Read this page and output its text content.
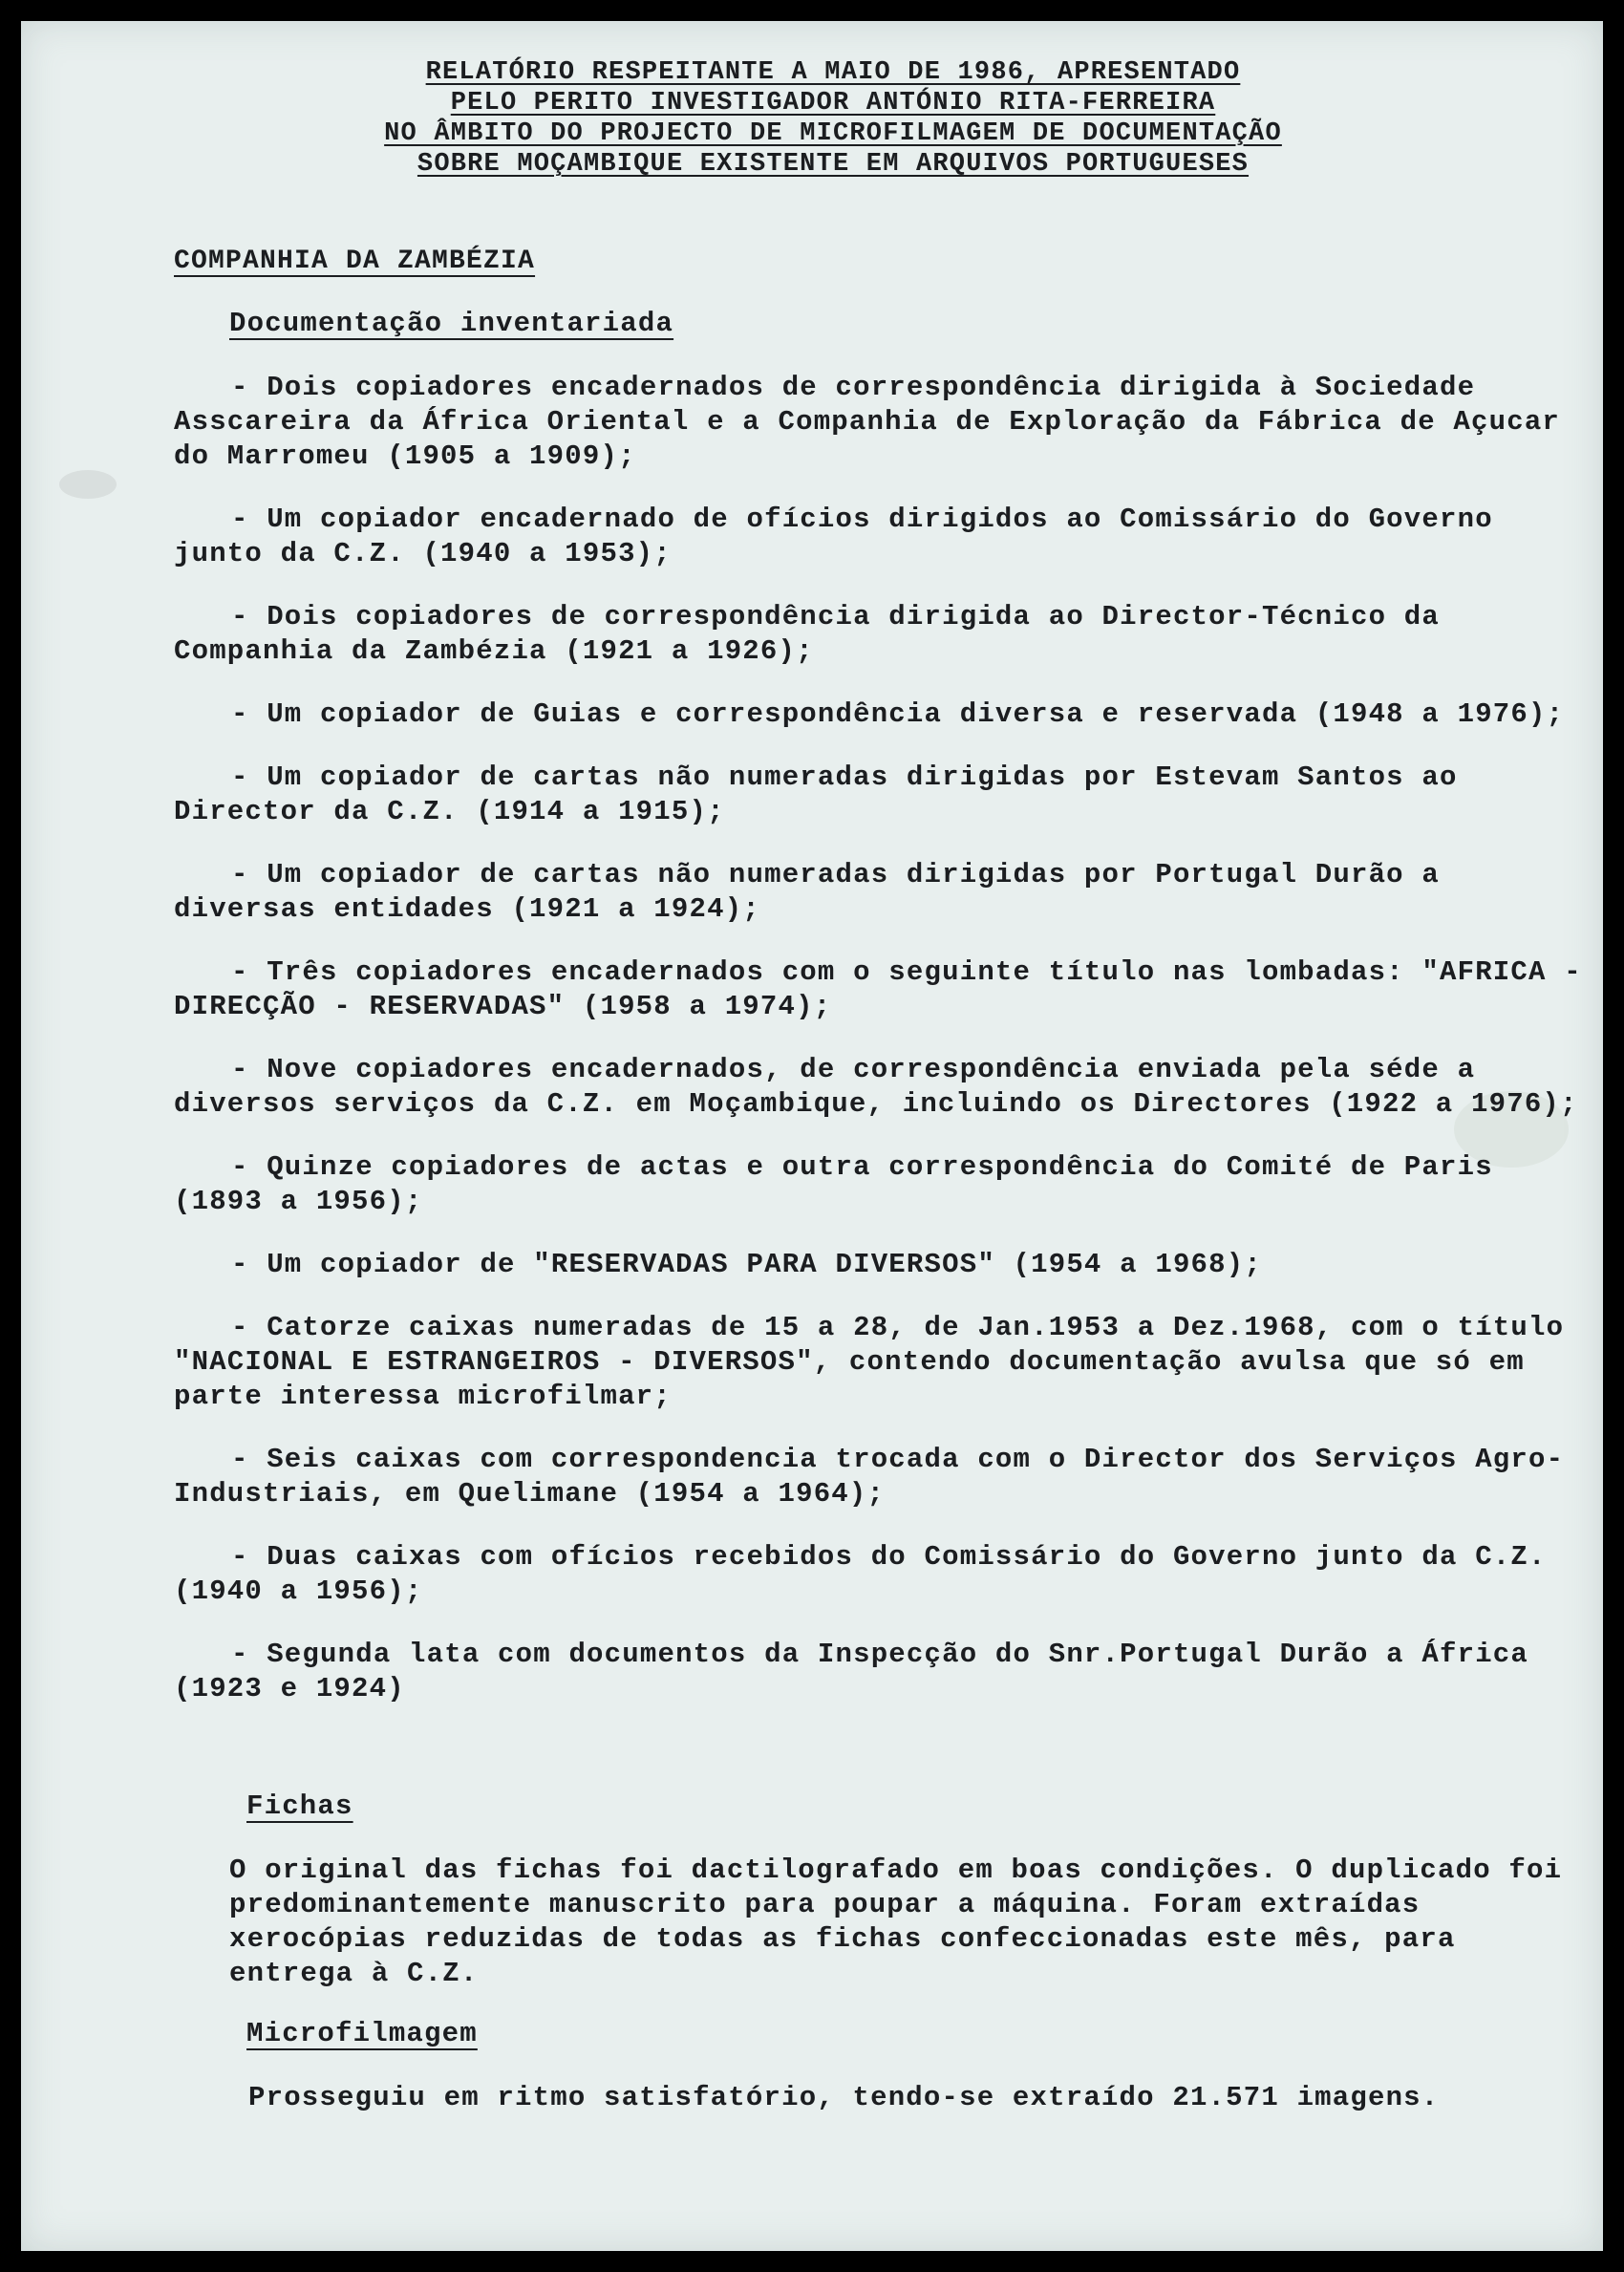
RELATÓRIO RESPEITANTE A MAIO DE 1986, APRESENTADO
PELO PERITO INVESTIGADOR ANTÓNIO RITA-FERREIRA
NO ÂMBITO DO PROJECTO DE MICROFILMAGEM DE DOCUMENTAÇÃO
SOBRE MOÇAMBIQUE EXISTENTE EM ARQUIVOS PORTUGUESES
COMPANHIA DA ZAMBÉZIA
Documentação inventariada
- Dois copiadores encadernados de correspondência dirigida à Sociedade Asscareira da África Oriental e a Companhia de Exploração da Fábrica de Açucar do Marromeu (1905 a 1909);
- Um copiador encadernado de ofícios dirigidos ao Comissário do Governo junto da C.Z. (1940 a 1953);
- Dois copiadores de correspondência dirigida ao Director-Técnico da Companhia da Zambézia (1921 a 1926);
- Um copiador de Guias e correspondência diversa e reservada (1948 a 1976);
- Um copiador de cartas não numeradas dirigidas por Estevam Santos ao Director da C.Z. (1914 a 1915);
- Um copiador de cartas não numeradas dirigidas por Portugal Durão a diversas entidades (1921 a 1924);
- Três copiadores encadernados com o seguinte título nas lombadas: "AFRICA - DIRECÇÃO - RESERVADAS" (1958 a 1974);
- Nove copiadores encadernados, de correspondência enviada pela séde a diversos serviços da C.Z. em Moçambique, incluindo os Directores (1922 a 1976);
- Quinze copiadores de actas e outra correspondência do Comité de Paris (1893 a 1956);
- Um copiador de "RESERVADAS PARA DIVERSOS" (1954 a 1968);
- Catorze caixas numeradas de 15 a 28, de Jan.1953 a Dez.1968, com o título "NACIONAL E ESTRANGEIROS - DIVERSOS", contendo documentação avulsa que só em parte interessa microfilmar;
- Seis caixas com correspondencia trocada com o Director dos Serviços Agro-Industriais, em Quelimane (1954 a 1964);
- Duas caixas com ofícios recebidos do Comissário do Governo junto da C.Z. (1940 a 1956);
- Segunda lata com documentos da Inspecção do Snr.Portugal Durão a África (1923 e 1924)
Fichas
O original das fichas foi dactilografado em boas condições. O duplicado foi predominantemente manuscrito para poupar a máquina. Foram extraídas xerocópias reduzidas de todas as fichas confeccionadas este mês, para entrega à C.Z.
Microfilmagem
Prosseguiu em ritmo satisfatório, tendo-se extraído 21.571 imagens.
